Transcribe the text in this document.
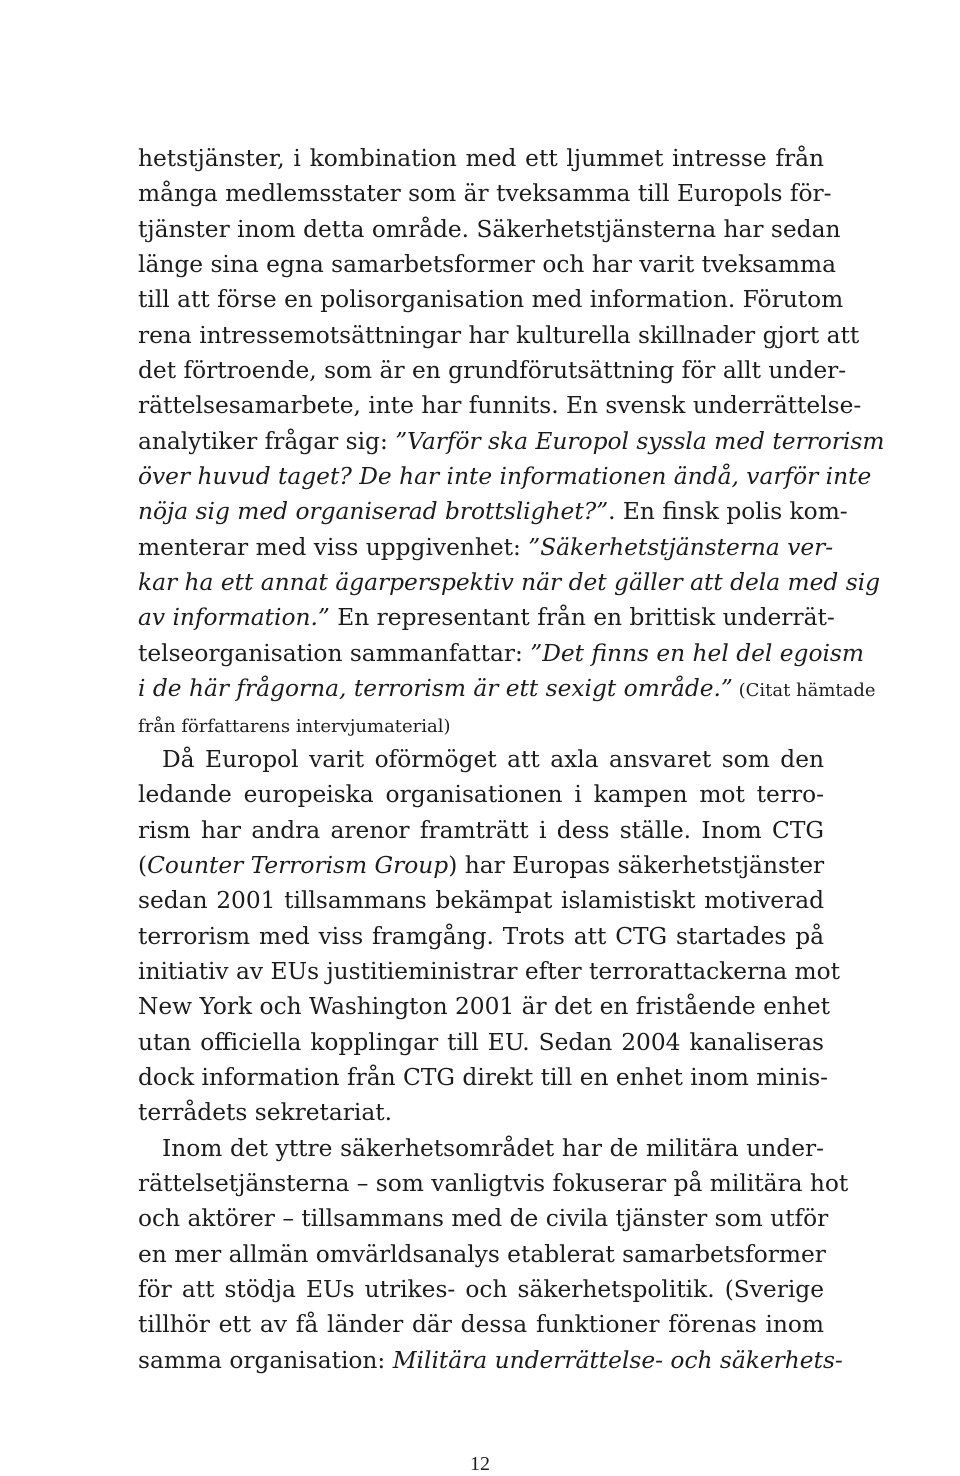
hetstjänster, i kombination med ett ljummet intresse från
många medlemsstater som är tveksamma till Europols för-
tjänster inom detta område. Säkerhetstjänsterna har sedan
länge sina egna samarbetsformer och har varit tveksamma
till att förse en polisorganisation med information. Förutom
rena intressemotsättningar har kulturella skillnader gjort att
det förtroende, som är en grundförutsättning för allt under-
rättelsesamarbete, inte har funnits. En svensk underrättelse-
analytiker frågar sig: ”Varför ska Europol syssla med terrorism
över huvud taget? De har inte informationen ändå, varför inte
nöja sig med organiserad brottslighet?”. En finsk polis kom-
menterar med viss uppgivenhet: ”Säkerhetstjänsterna ver-
kar ha ett annat ägarperspektiv när det gäller att dela med sig
av information.” En representant från en brittisk underrät-
telseorganisation sammanfattar: ”Det finns en hel del egoism
i de här frågorna, terrorism är ett sexigt område.” (Citat hämtade
från författarens intervjumaterial)
Då Europol varit oförmöget att axla ansvaret som den
ledande europeiska organisationen i kampen mot terro-
rism har andra arenor framträtt i dess ställe. Inom CTG
(Counter Terrorism Group) har Europas säkerhetstjänster
sedan 2001 tillsammans bekämpat islamistiskt motiverad
terrorism med viss framgång. Trots att CTG startades på
initiativ av EUs justitieministrar efter terrorattackerna mot
New York och Washington 2001 är det en fristående enhet
utan officiella kopplingar till EU. Sedan 2004 kanaliseras
dock information från CTG direkt till en enhet inom minis-
terrådets sekretariat.
Inom det yttre säkerhetsområdet har de militära under-
rättelsetjänsterna – som vanligtvis fokuserar på militära hot
och aktörer – tillsammans med de civila tjänster som utför
en mer allmän omvärldsanalys etablerat samarbetsformer
för att stödja EUs utrikes- och säkerhetspolitik. (Sverige
tillhör ett av få länder där dessa funktioner förenas inom
samma organisation: Militära underrättelse- och säkerhets-
12
